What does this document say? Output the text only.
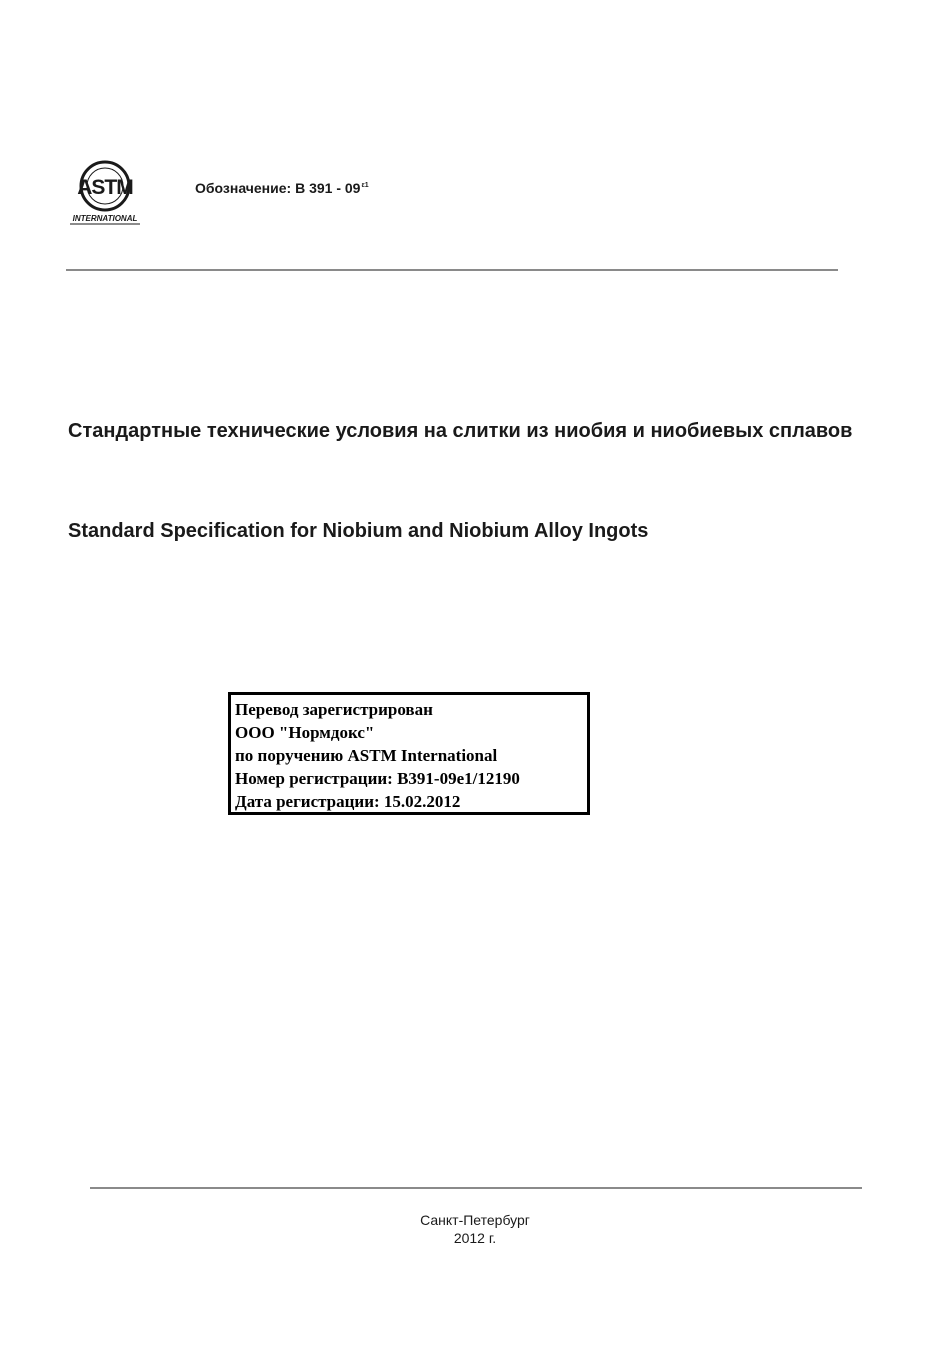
ASTM
INTERNATIONAL
Обозначение: B $391 - 09^{\varepsilon 1}$
Стандартные технические условия на слитки из ниобия и ниобиевых сплавов
Standard Specification for Niobium and Niobium Alloy Ingots
Перевод зарегистрирован
ООО "Нормдокс"
по поручению ASTM International
Номер регистрации: B391-09e1/12190
Дата регистрации: 15.02.2012
Санкт-Петербург
2012 г.
